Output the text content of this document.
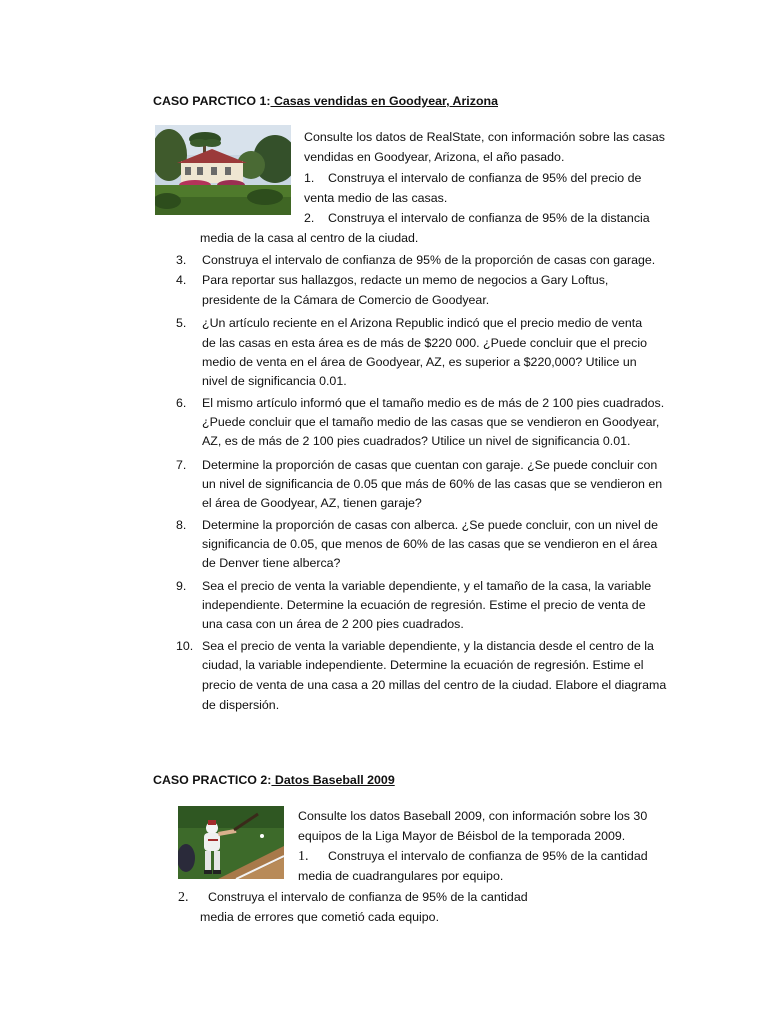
CASO PARCTICO 1: Casas vendidas en Goodyear, Arizona
Consulte los datos de RealState, con información sobre las casas
vendidas en Goodyear, Arizona, el año pasado.
1. Construya el intervalo de confianza de 95% del precio de
venta medio de las casas.
2. Construya el intervalo de confianza de 95% de la distancia
media de la casa al centro de la ciudad.
3. Construya el intervalo de confianza de 95% de la proporción de casas con garage.
4. Para reportar sus hallazgos, redacte un memo de negocios a Gary Loftus,
presidente de la Cámara de Comercio de Goodyear.
5. ¿Un artículo reciente en el Arizona Republic indicó que el precio medio de venta
de las casas en esta área es de más de $220 000. ¿Puede concluir que el precio
medio de venta en el área de Goodyear, AZ, es superior a $220,000? Utilice un
nivel de significancia 0.01.
6. El mismo artículo informó que el tamaño medio es de más de 2 100 pies cuadrados.
¿Puede concluir que el tamaño medio de las casas que se vendieron en Goodyear,
AZ, es de más de 2 100 pies cuadrados? Utilice un nivel de significancia 0.01.
7. Determine la proporción de casas que cuentan con garaje. ¿Se puede concluir con
un nivel de significancia de 0.05 que más de 60% de las casas que se vendieron en
el área de Goodyear, AZ, tienen garaje?
8. Determine la proporción de casas con alberca. ¿Se puede concluir, con un nivel de
significancia de 0.05, que menos de 60% de las casas que se vendieron en el área
de Denver tiene alberca?
9. Sea el precio de venta la variable dependiente, y el tamaño de la casa, la variable
independiente. Determine la ecuación de regresión. Estime el precio de venta de
una casa con un área de 2 200 pies cuadrados.
10. Sea el precio de venta la variable dependiente, y la distancia desde el centro de la
ciudad, la variable independiente. Determine la ecuación de regresión. Estime el
precio de venta de una casa a 20 millas del centro de la ciudad. Elabore el diagrama
de dispersión.
CASO PRACTICO 2: Datos Baseball 2009
Consulte los datos Baseball 2009, con información sobre los 30
equipos de la Liga Mayor de Béisbol de la temporada 2009.
1. Construya el intervalo de confianza de 95% de la cantidad
media de cuadrangulares por equipo.
2. Construya el intervalo de confianza de 95% de la cantidad
media de errores que cometió cada equipo.
